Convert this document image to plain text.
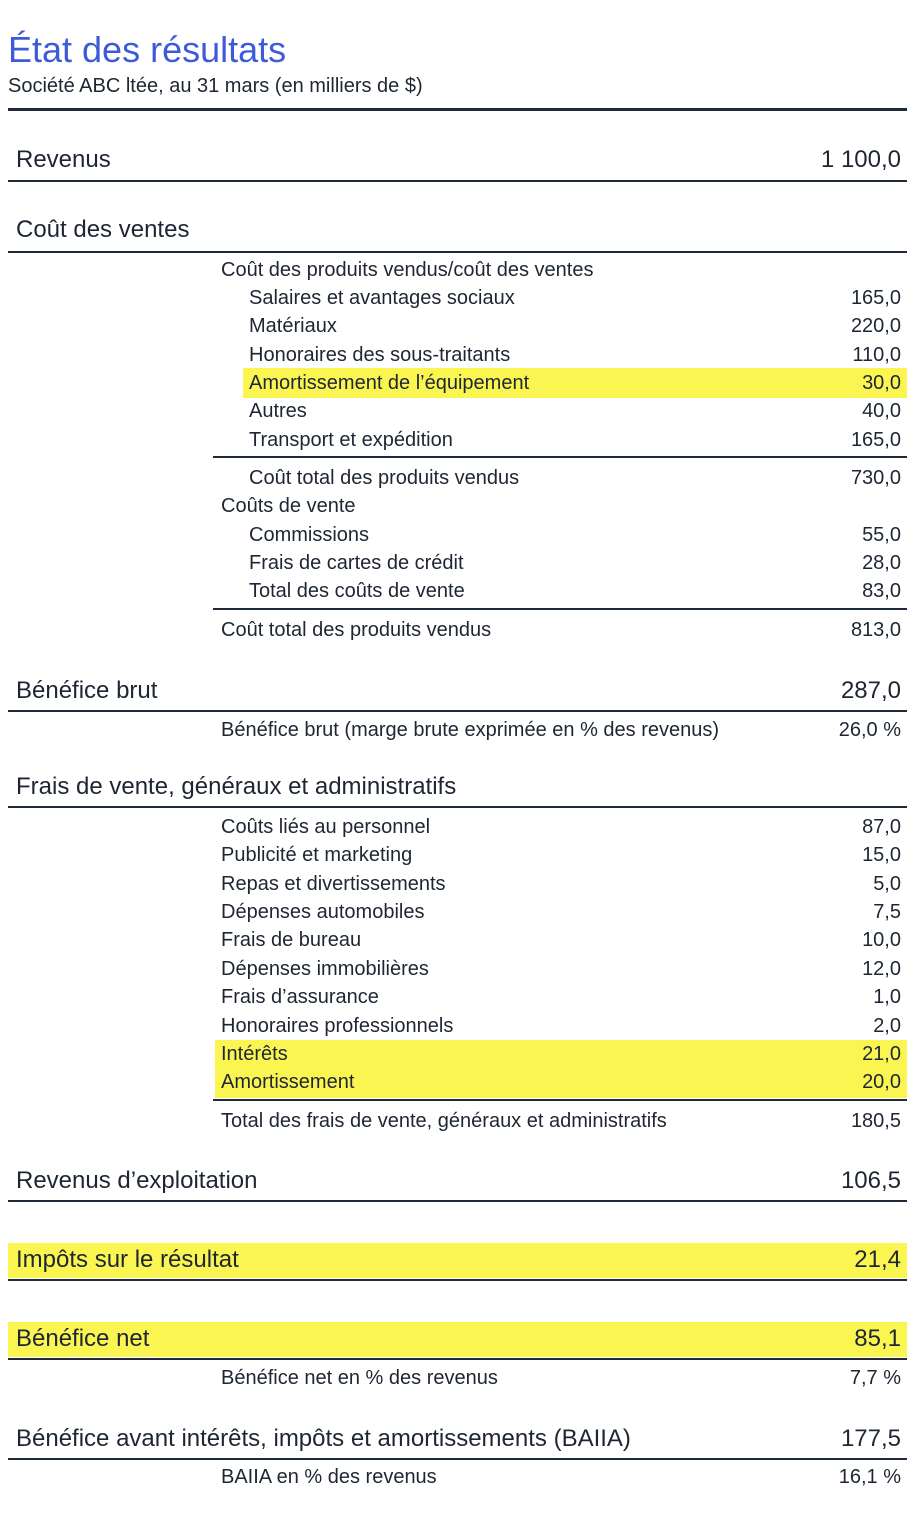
État des résultats
Société ABC ltée, au 31 mars (en milliers de $)
Revenus	1 100,0
Coût des ventes
Coût des produits vendus/coût des ventes
Salaires et avantages sociaux	165,0
Matériaux	220,0
Honoraires des sous-traitants	110,0
Amortissement de l’équipement	30,0
Autres	40,0
Transport et expédition	165,0
Coût total des produits vendus	730,0
Coûts de vente
Commissions	55,0
Frais de cartes de crédit	28,0
Total des coûts de vente	83,0
Coût total des produits vendus	813,0
Bénéfice brut	287,0
Bénéfice brut (marge brute exprimée en % des revenus)	26,0 %
Frais de vente, généraux et administratifs
Coûts liés au personnel	87,0
Publicité et marketing	15,0
Repas et divertissements	5,0
Dépenses automobiles	7,5
Frais de bureau	10,0
Dépenses immobilières	12,0
Frais d’assurance	1,0
Honoraires professionnels	2,0
Intérêts	21,0
Amortissement	20,0
Total des frais de vente, généraux et administratifs	180,5
Revenus d’exploitation	106,5
Impôts sur le résultat	21,4
Bénéfice net	85,1
Bénéfice net en % des revenus	7,7 %
Bénéfice avant intérêts, impôts et amortissements (BAIIA)	177,5
BAIIA en % des revenus	16,1 %
